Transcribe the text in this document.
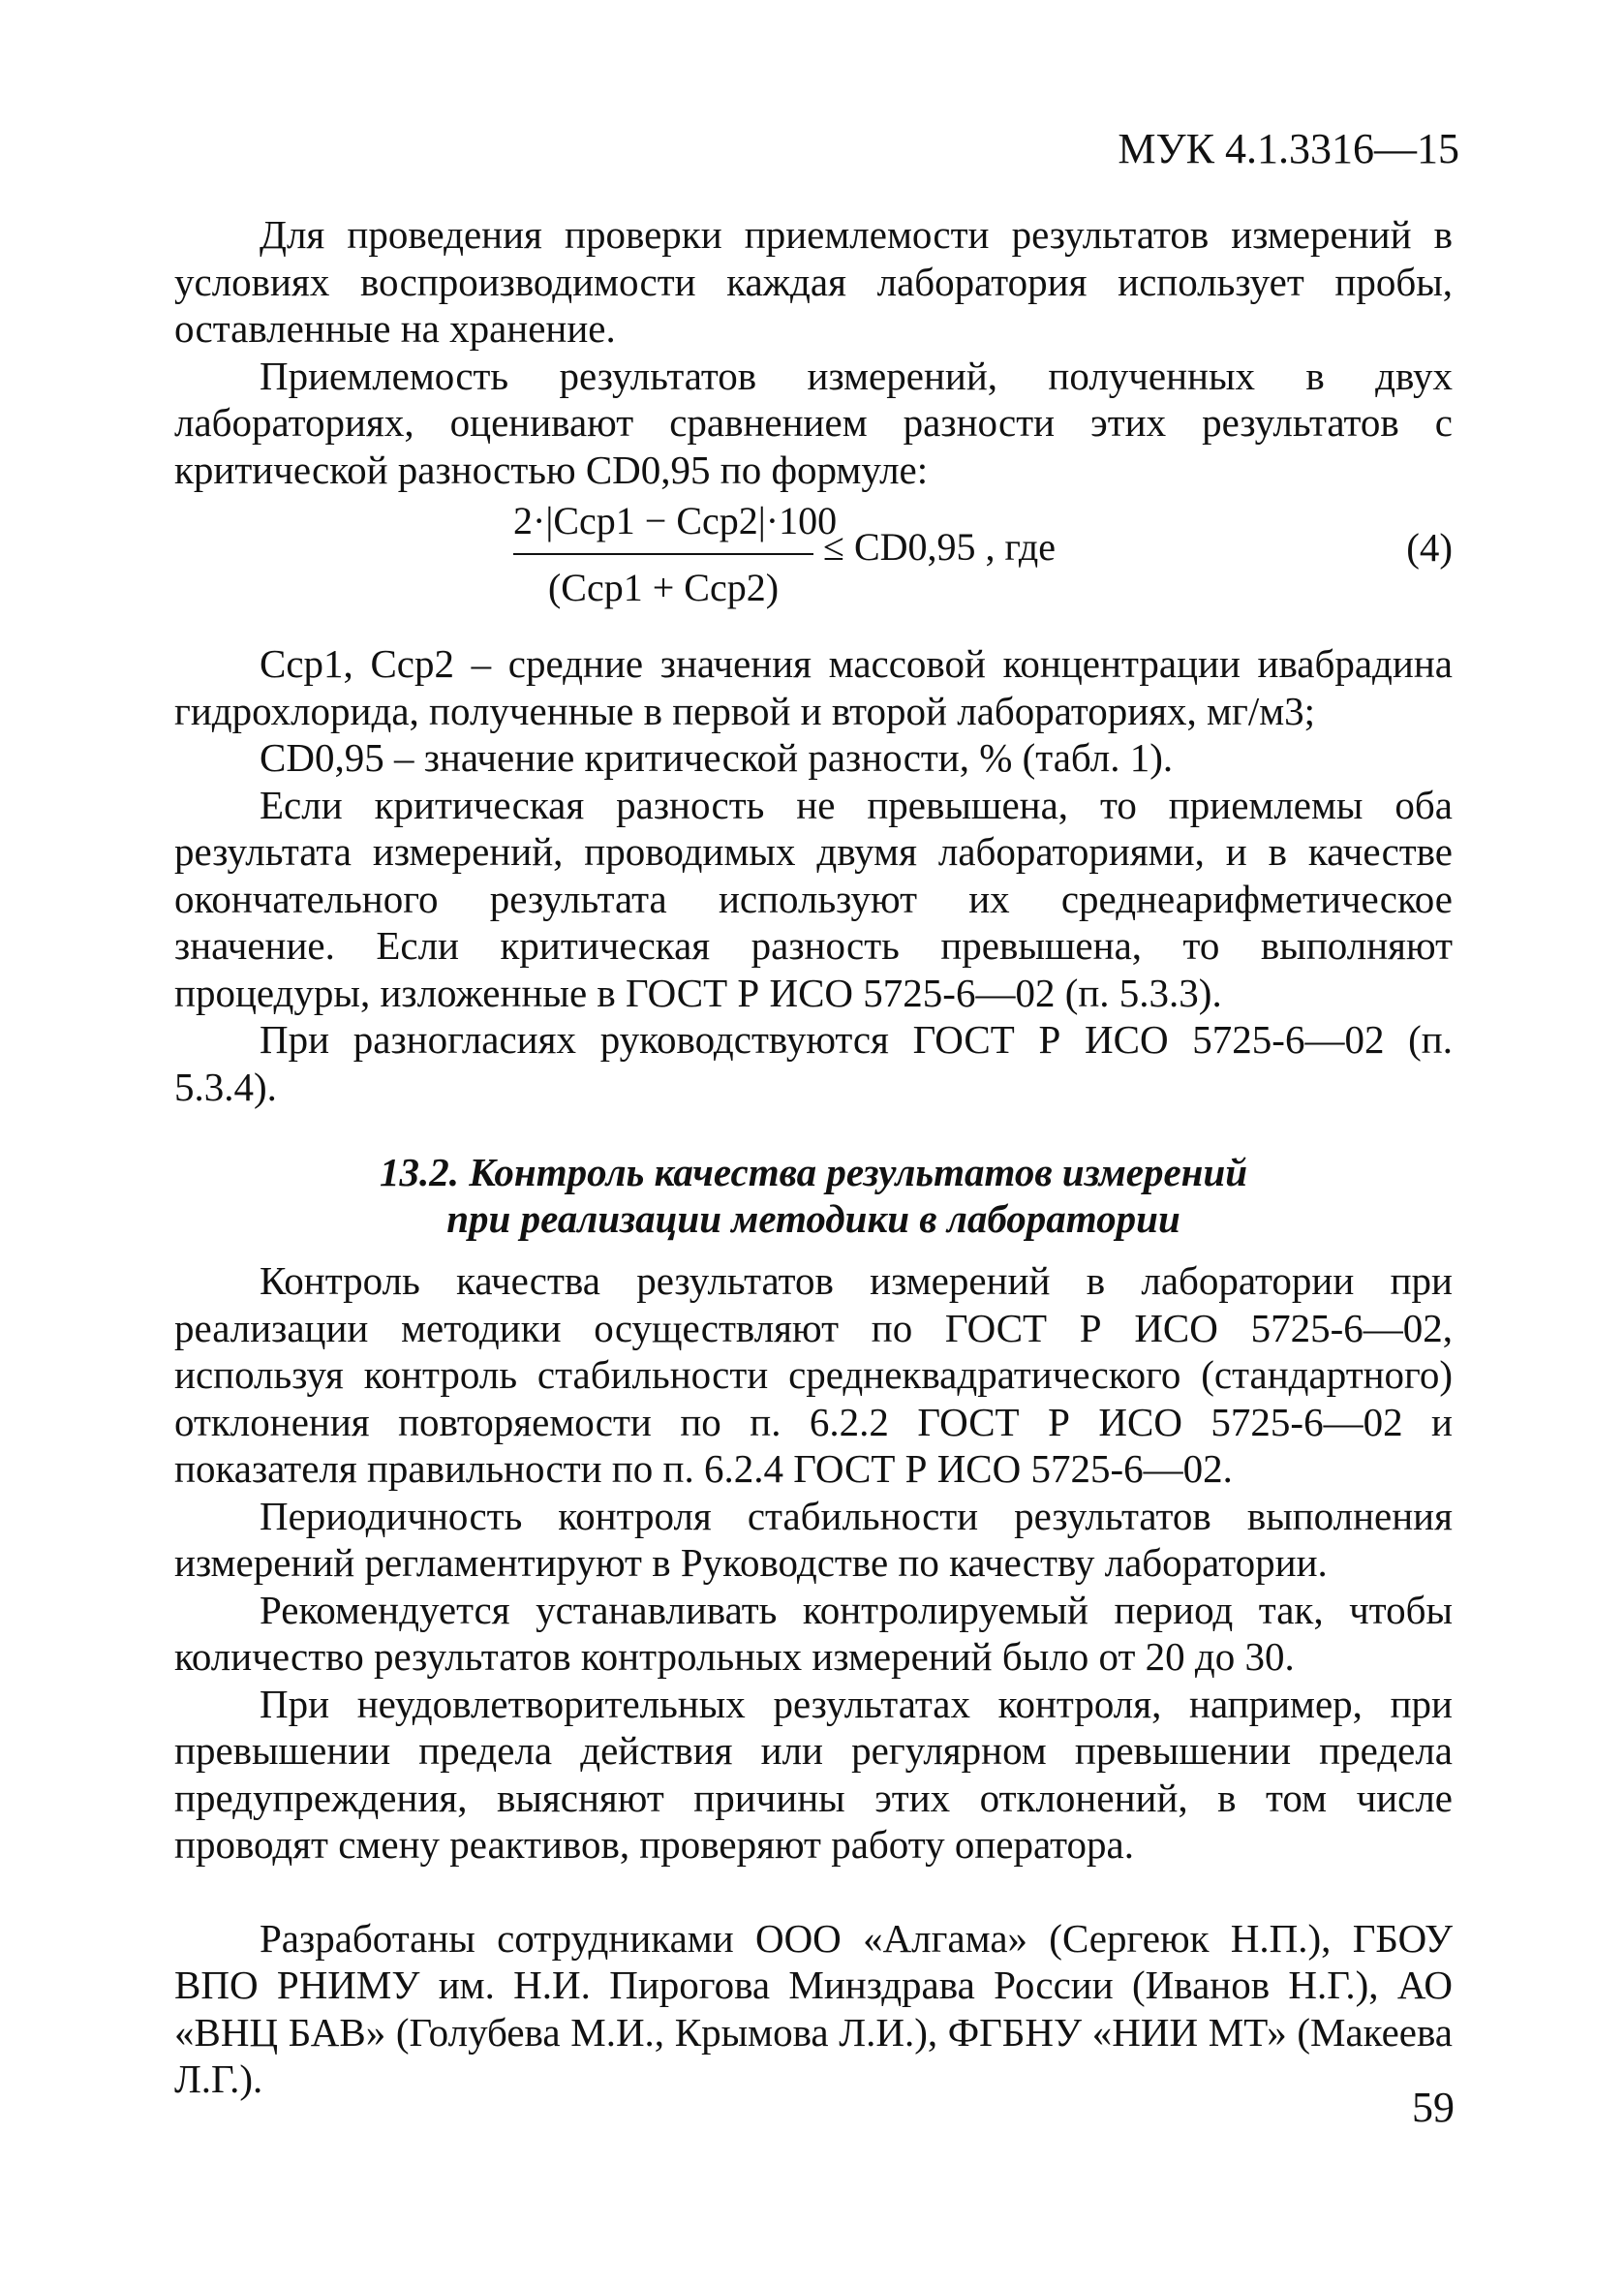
МУК 4.1.3316—15

Для проведения проверки приемлемости результатов измерений в условиях воспроизводимости каждая лаборатория использует пробы, оставленные на хранение.

Приемлемость результатов измерений, полученных в двух лабораториях, оценивают сравнением разности этих результатов с критической разностью CD0,95 по формуле:

2·|Cср1 − Cср2|·100
(Cср1 + Cср2)
≤ CD0,95 , где	(4)

Cср1, Cср2 – средние значения массовой концентрации ивабрадина гидрохлорида, полученные в первой и второй лабораториях, мг/м3;

CD0,95 – значение критической разности, % (табл. 1).

Если критическая разность не превышена, то приемлемы оба результата измерений, проводимых двумя лабораториями, и в качестве окончательного результата используют их среднеарифметическое значение. Если критическая разность превышена, то выполняют процедуры, изложенные в ГОСТ Р ИСО 5725-6—02 (п. 5.3.3).

При разногласиях руководствуются ГОСТ Р ИСО 5725-6—02 (п. 5.3.4).

13.2. Контроль качества результатов измерений
при реализации методики в лаборатории

Контроль качества результатов измерений в лаборатории при реализации методики осуществляют по ГОСТ Р ИСО 5725-6—02, используя контроль стабильности среднеквадратического (стандартного) отклонения повторяемости по п. 6.2.2 ГОСТ Р ИСО 5725-6—02 и показателя правильности по п. 6.2.4 ГОСТ Р ИСО 5725-6—02.

Периодичность контроля стабильности результатов выполнения измерений регламентируют в Руководстве по качеству лаборатории.

Рекомендуется устанавливать контролируемый период так, чтобы количество результатов контрольных измерений было от 20 до 30.

При неудовлетворительных результатах контроля, например, при превышении предела действия или регулярном превышении предела предупреждения, выясняют причины этих отклонений, в том числе проводят смену реактивов, проверяют работу оператора.

Разработаны сотрудниками ООО «Алгама» (Сергеюк Н.П.), ГБОУ ВПО РНИМУ им. Н.И. Пирогова Минздрава России (Иванов Н.Г.), АО «ВНЦ БАВ» (Голубева М.И., Крымова Л.И.), ФГБНУ «НИИ МТ» (Макеева Л.Г.).

59
